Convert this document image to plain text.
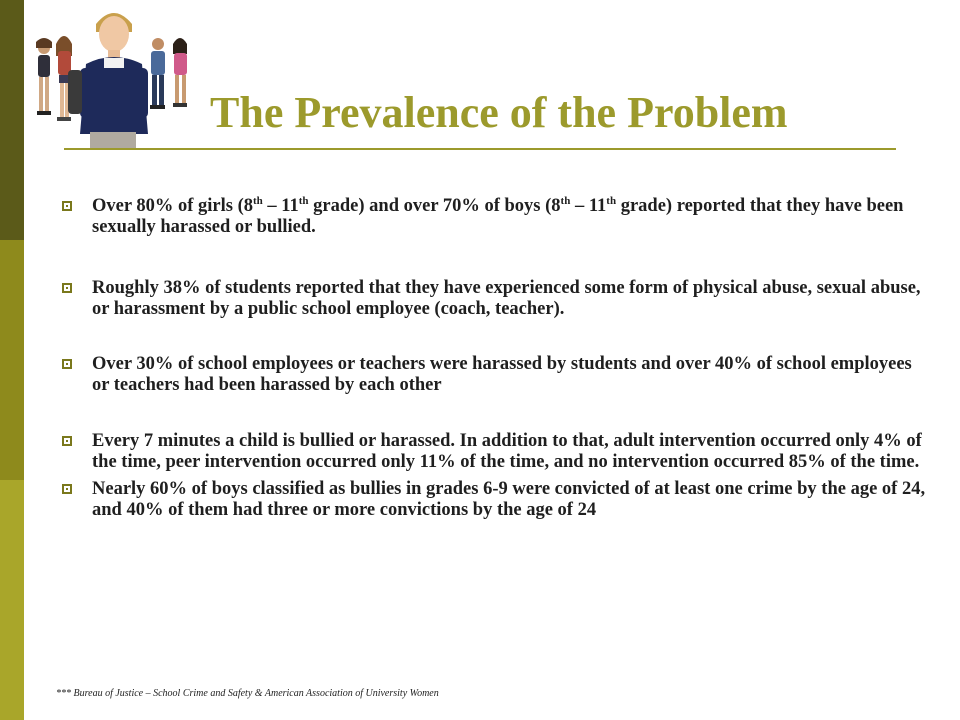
The Prevalence of the Problem
Over 80% of girls (8th – 11th grade) and over 70% of boys (8th – 11th grade) reported that they have been sexually harassed or bullied.
Roughly 38% of students reported that they have experienced some form of physical abuse, sexual abuse, or harassment by a public school employee (coach, teacher).
Over 30% of school employees or teachers were harassed by students and over 40% of school employees or teachers had been harassed by each other
Every 7 minutes a child is bullied or harassed. In addition to that, adult intervention occurred only 4% of the time, peer intervention occurred only 11% of the time, and no intervention occurred 85% of the time.
Nearly 60% of boys classified as bullies in grades 6-9 were convicted of at least one crime by the age of 24, and 40% of them had three or more convictions by the age of 24
*** Bureau of Justice – School Crime and Safety & American Association of University Women
